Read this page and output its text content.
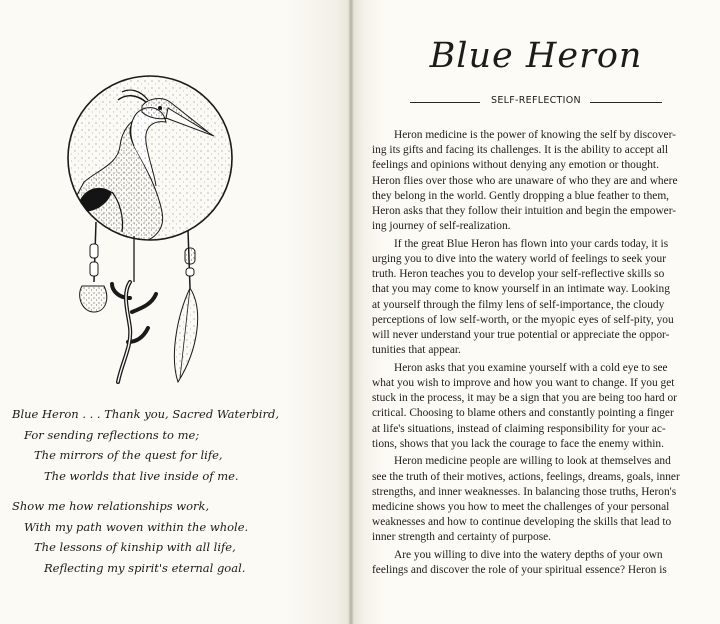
Blue Heron . . . Thank you, Sacred Waterbird,
For sending reflections to me;
The mirrors of the quest for life,
The worlds that live inside of me.
Show me how relationships work,
With my path woven within the whole.
The lessons of kinship with all life,
Reflecting my spirit's eternal goal.
Blue Heron
SELF-REFLECTION

Heron medicine is the power of knowing the self by discover-
ing its gifts and facing its challenges. It is the ability to accept all
feelings and opinions without denying any emotion or thought.
Heron flies over those who are unaware of who they are and where
they belong in the world. Gently dropping a blue feather to them,
Heron asks that they follow their intuition and begin the empower-
ing journey of self-realization.

If the great Blue Heron has flown into your cards today, it is
urging you to dive into the watery world of feelings to seek your
truth. Heron teaches you to develop your self-reflective skills so
that you may come to know yourself in an intimate way. Looking
at yourself through the filmy lens of self-importance, the cloudy
perceptions of low self-worth, or the myopic eyes of self-pity, you
will never understand your true potential or appreciate the oppor-
tunities that appear.

Heron asks that you examine yourself with a cold eye to see
what you wish to improve and how you want to change. If you get
stuck in the process, it may be a sign that you are being too hard or
critical. Choosing to blame others and constantly pointing a finger
at life's situations, instead of claiming responsibility for your ac-
tions, shows that you lack the courage to face the enemy within.

Heron medicine people are willing to look at themselves and
see the truth of their motives, actions, feelings, dreams, goals, inner
strengths, and inner weaknesses. In balancing those truths, Heron's
medicine shows you how to meet the challenges of your personal
weaknesses and how to continue developing the skills that lead to
inner strength and certainty of purpose.

Are you willing to dive into the watery depths of your own
feelings and discover the role of your spiritual essence? Heron is
